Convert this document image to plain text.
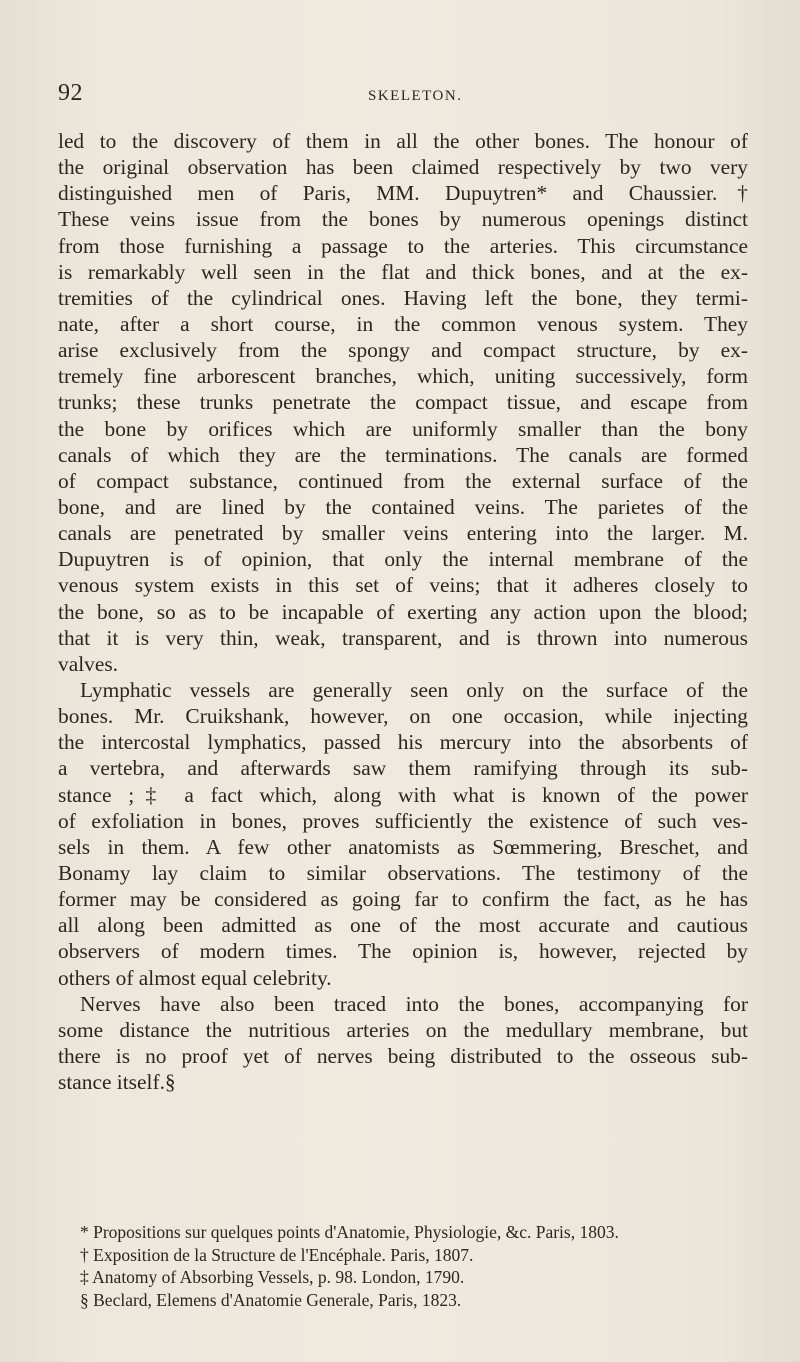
92	SKELETON.
led to the discovery of them in all the other bones. The honour of
the original observation has been claimed respectively by two very
distinguished men of Paris, MM. Dupuytren* and Chaussier.†
These veins issue from the bones by numerous openings distinct
from those furnishing a passage to the arteries. This circumstance
is remarkably well seen in the flat and thick bones, and at the ex-
tremities of the cylindrical ones. Having left the bone, they termi-
nate, after a short course, in the common venous system. They
arise exclusively from the spongy and compact structure, by ex-
tremely fine arborescent branches, which, uniting successively, form
trunks; these trunks penetrate the compact tissue, and escape from
the bone by orifices which are uniformly smaller than the bony
canals of which they are the terminations. The canals are formed
of compact substance, continued from the external surface of the
bone, and are lined by the contained veins. The parietes of the
canals are penetrated by smaller veins entering into the larger. M.
Dupuytren is of opinion, that only the internal membrane of the
venous system exists in this set of veins; that it adheres closely to
the bone, so as to be incapable of exerting any action upon the blood;
that it is very thin, weak, transparent, and is thrown into numerous
valves.
Lymphatic vessels are generally seen only on the surface of the
bones. Mr. Cruikshank, however, on one occasion, while injecting
the intercostal lymphatics, passed his mercury into the absorbents of
a vertebra, and afterwards saw them ramifying through its sub-
stance ;‡ a fact which, along with what is known of the power
of exfoliation in bones, proves sufficiently the existence of such ves-
sels in them. A few other anatomists as Sœmmering, Breschet, and
Bonamy lay claim to similar observations. The testimony of the
former may be considered as going far to confirm the fact, as he has
all along been admitted as one of the most accurate and cautious
observers of modern times. The opinion is, however, rejected by
others of almost equal celebrity.
Nerves have also been traced into the bones, accompanying for
some distance the nutritious arteries on the medullary membrane, but
there is no proof yet of nerves being distributed to the osseous sub-
stance itself.§
* Propositions sur quelques points d'Anatomie, Physiologie, &c. Paris, 1803.
† Exposition de la Structure de l'Encéphale. Paris, 1807.
‡ Anatomy of Absorbing Vessels, p. 98. London, 1790.
§ Beclard, Elemens d'Anatomie Generale, Paris, 1823.
